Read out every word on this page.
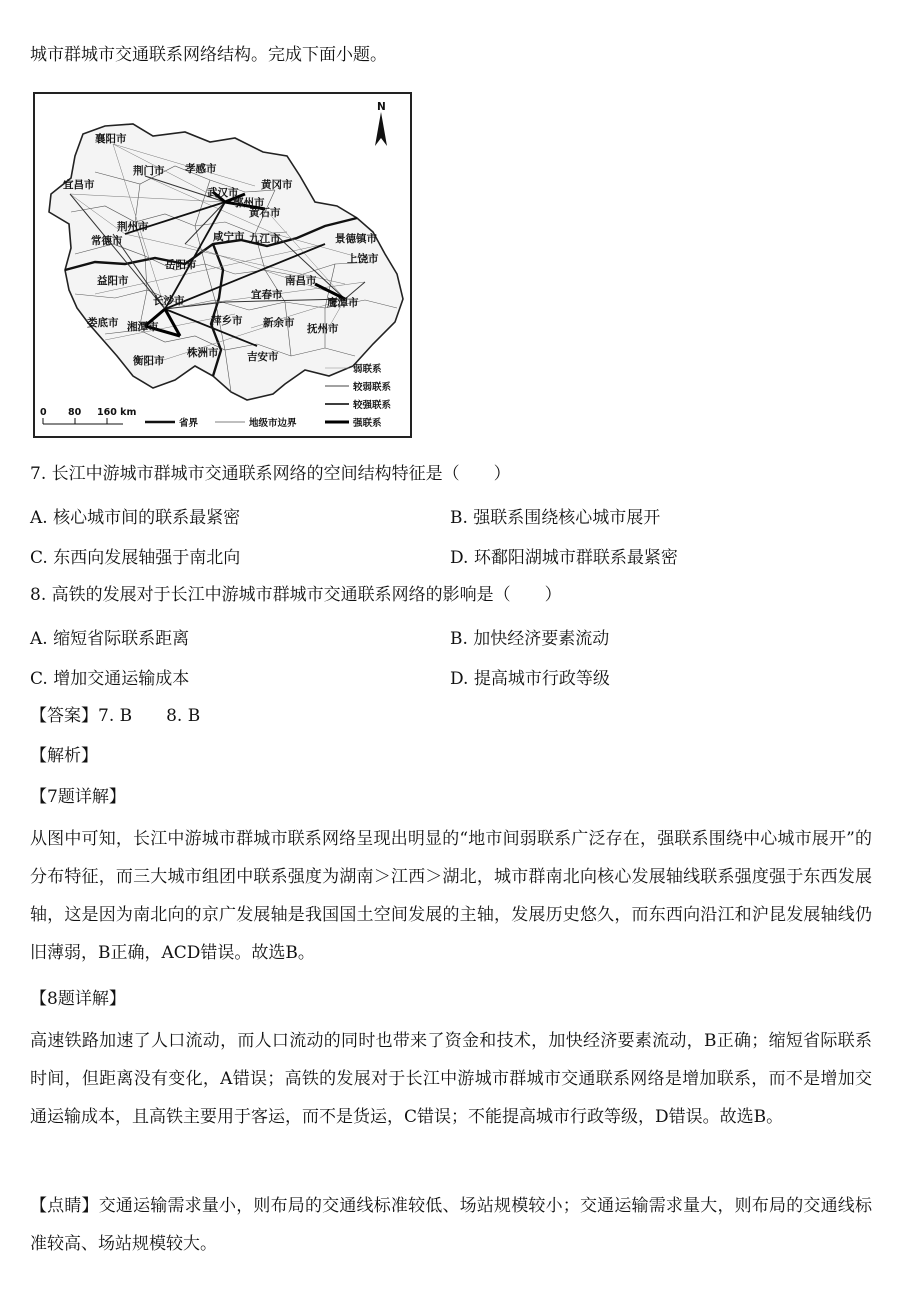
城市群城市交通联系网络结构。完成下面小题。
襄阳市
荆门市 孝感市
宜昌市	黄冈市
武汉市
鄂州市
黄石市
荆州市
咸宁市 九江市	景德镇市
常德市
岳阳市
益阳市
上饶市
南昌市
鹰潭市
长沙市	宜春市
娄底市 湘潭市	萍乡市 新余市 抚州市
株洲市
衡阳市	吉安市
N
0 80 160 km
弱联系
较弱联系
较强联系
强联系
省界	地级市边界
7. 长江中游城市群城市交通联系网络的空间结构特征是（　　）
A. 核心城市间的联系最紧密	B. 强联系围绕核心城市展开
C. 东西向发展轴强于南北向	D. 环鄱阳湖城市群联系最紧密
8. 高铁的发展对于长江中游城市群城市交通联系网络的影响是（　　）
A. 缩短省际联系距离	B. 加快经济要素流动
C. 增加交通运输成本	D. 提高城市行政等级
【答案】7. B　　8. B
【解析】
【7题详解】
从图中可知，长江中游城市群城市联系网络呈现出明显的“地市间弱联系广泛存在，强联系围绕中心城市展开”的分布特征，而三大城市组团中联系强度为湖南＞江西＞湖北，城市群南北向核心发展轴线联系强度强于东西发展轴，这是因为南北向的京广发展轴是我国国土空间发展的主轴，发展历史悠久，而东西向沿江和沪昆发展轴线仍旧薄弱，B正确，ACD错误。故选B。
【8题详解】
高速铁路加速了人口流动，而人口流动的同时也带来了资金和技术，加快经济要素流动，B正确；缩短省际联系时间，但距离没有变化，A错误；高铁的发展对于长江中游城市群城市交通联系网络是增加联系，而不是增加交通运输成本，且高铁主要用于客运，而不是货运，C错误；不能提高城市行政等级，D错误。故选B。
【点睛】交通运输需求量小，则布局的交通线标准较低、场站规模较小；交通运输需求量大，则布局的交通线标准较高、场站规模较大。
